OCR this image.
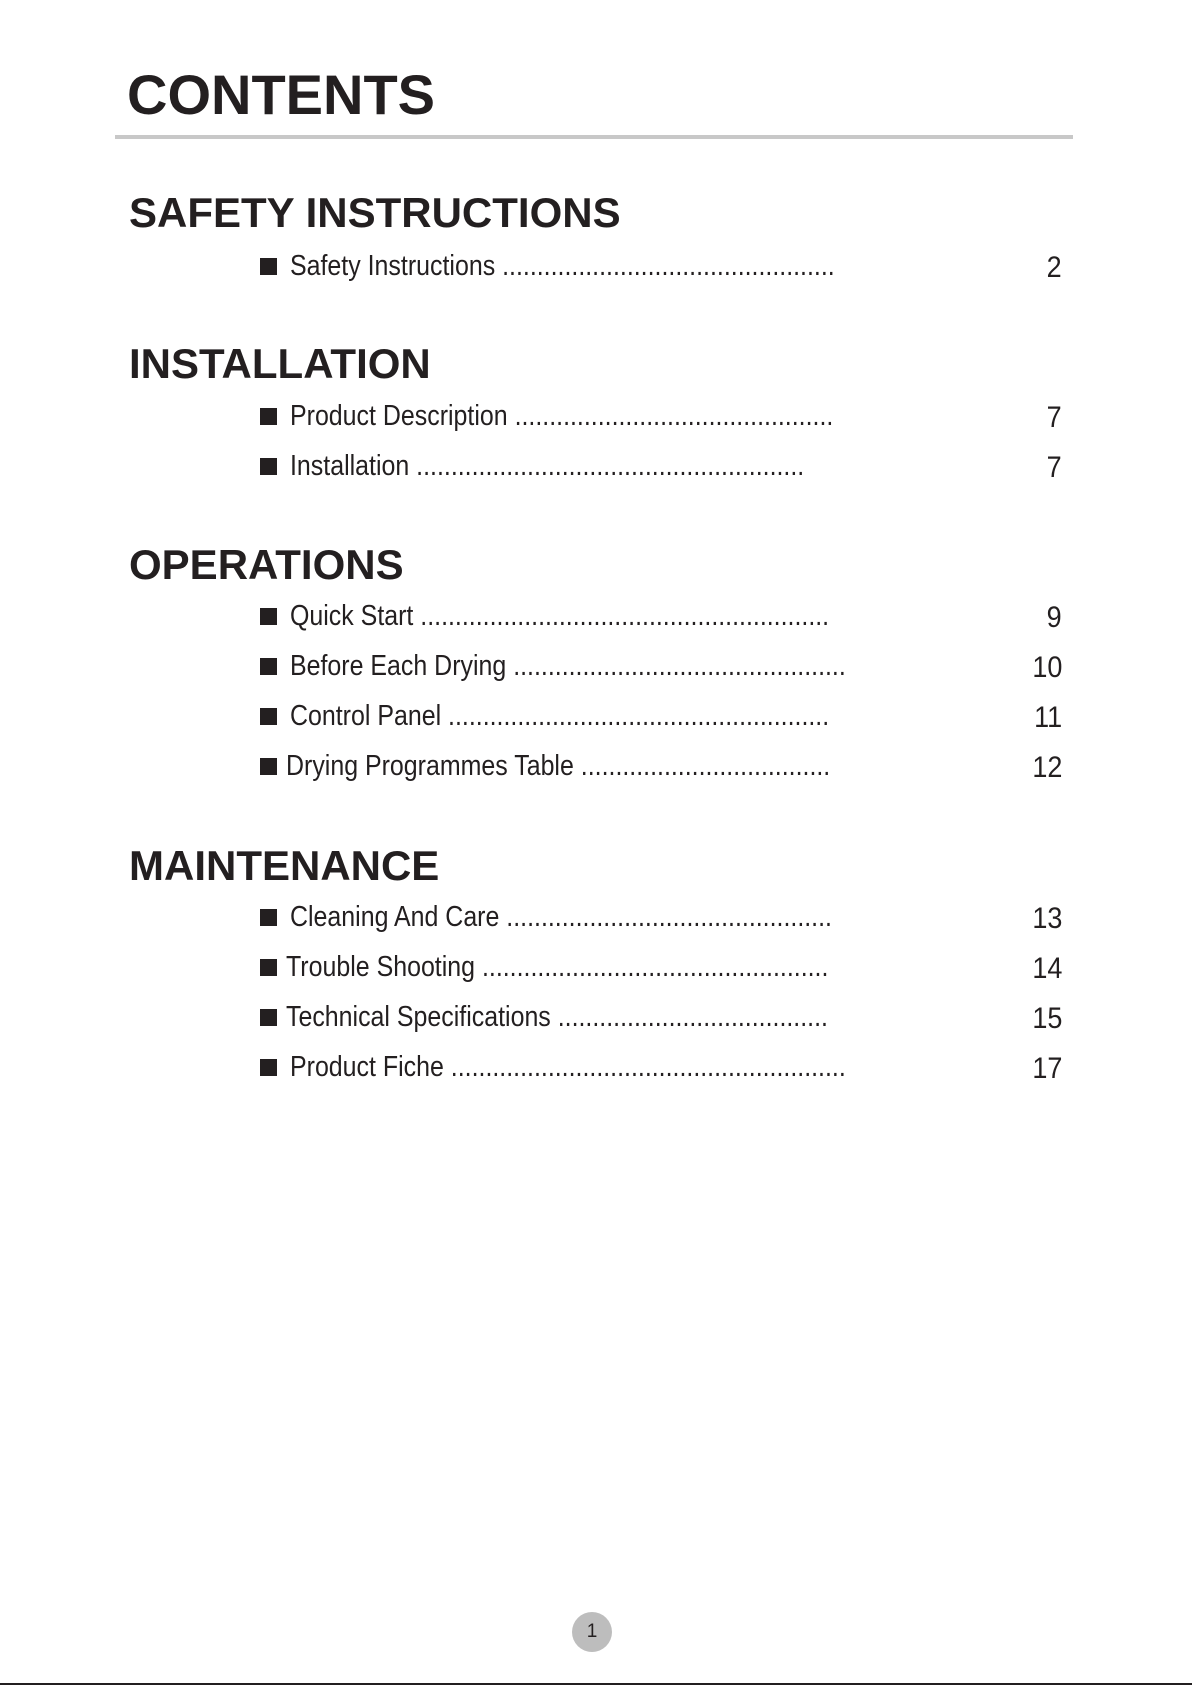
CONTENTS
SAFETY INSTRUCTIONS
Safety Instructions ................................................	2
INSTALLATION
Product Description ..............................................	7
Installation ........................................................	7
OPERATIONS
Quick Start ...........................................................	9
Before Each Drying ................................................	10
Control Panel .......................................................	11
Drying Programmes Table ....................................	12
MAINTENANCE
Cleaning And Care ...............................................	13
Trouble Shooting ..................................................	14
Technical Specifications .......................................	15
Product Fiche .........................................................	17
1
